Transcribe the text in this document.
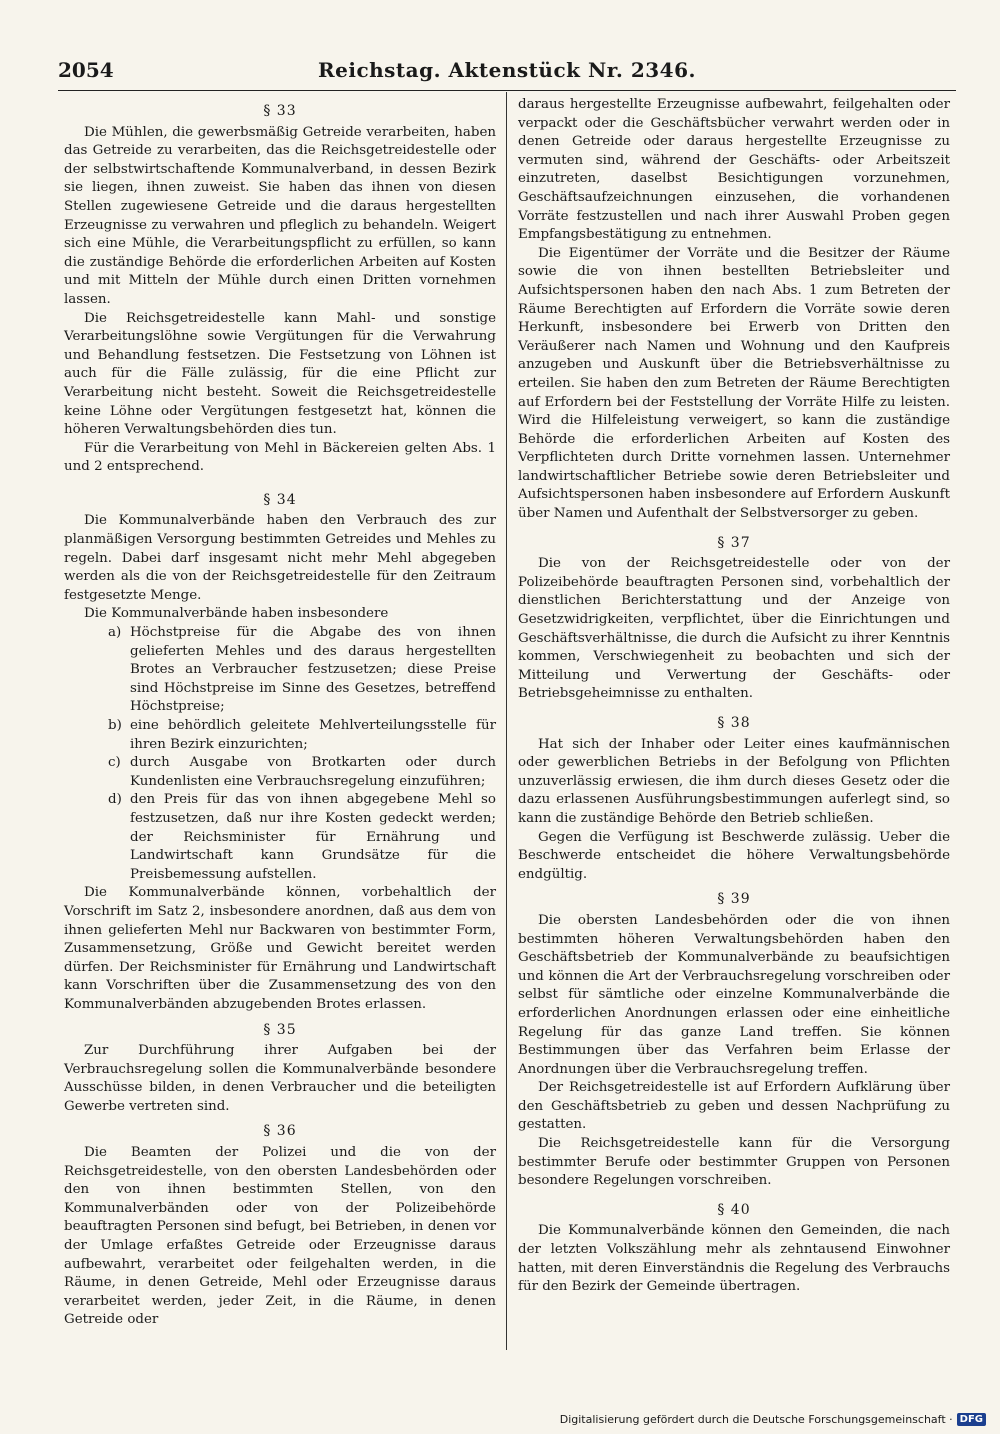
2054	Reichstag. Aktenstück Nr. 2346.
§ 33

Die Mühlen, die gewerbsmäßig Getreide verarbeiten, haben das Getreide zu verarbeiten, das die Reichsgetreidestelle oder der selbstwirtschaftende Kommunalverband, in dessen Bezirk sie liegen, ihnen zuweist. Sie haben das ihnen von diesen Stellen zugewiesene Getreide und die daraus hergestellten Erzeugnisse zu verwahren und pfleglich zu behandeln. Weigert sich eine Mühle, die Verarbeitungspflicht zu erfüllen, so kann die zuständige Behörde die erforderlichen Arbeiten auf Kosten und mit Mitteln der Mühle durch einen Dritten vornehmen lassen.

Die Reichsgetreidestelle kann Mahl- und sonstige Verarbeitungslöhne sowie Vergütungen für die Verwahrung und Behandlung festsetzen. Die Festsetzung von Löhnen ist auch für die Fälle zulässig, für die eine Pflicht zur Verarbeitung nicht besteht. Soweit die Reichsgetreidestelle keine Löhne oder Vergütungen festgesetzt hat, können die höheren Verwaltungsbehörden dies tun.

Für die Verarbeitung von Mehl in Bäckereien gelten Abs. 1 und 2 entsprechend.

§ 34

Die Kommunalverbände haben den Verbrauch des zur planmäßigen Versorgung bestimmten Getreides und Mehles zu regeln. Dabei darf insgesamt nicht mehr Mehl abgegeben werden als die von der Reichsgetreidestelle für den Zeitraum festgesetzte Menge.

Die Kommunalverbände haben insbesondere

a) Höchstpreise für die Abgabe des von ihnen gelieferten Mehles und des daraus hergestellten Brotes an Verbraucher festzusetzen; diese Preise sind Höchstpreise im Sinne des Gesetzes, betreffend Höchstpreise;
b) eine behördlich geleitete Mehlverteilungsstelle für ihren Bezirk einzurichten;
c) durch Ausgabe von Brotkarten oder durch Kundenlisten eine Verbrauchsregelung einzuführen;
d) den Preis für das von ihnen abgegebene Mehl so festzusetzen, daß nur ihre Kosten gedeckt werden; der Reichsminister für Ernährung und Landwirtschaft kann Grundsätze für die Preisbemessung aufstellen.

Die Kommunalverbände können, vorbehaltlich der Vorschrift im Satz 2, insbesondere anordnen, daß aus dem von ihnen gelieferten Mehl nur Backwaren von bestimmter Form, Zusammensetzung, Größe und Gewicht bereitet werden dürfen. Der Reichsminister für Ernährung und Landwirtschaft kann Vorschriften über die Zusammensetzung des von den Kommunalverbänden abzugebenden Brotes erlassen.

§ 35

Zur Durchführung ihrer Aufgaben bei der Verbrauchsregelung sollen die Kommunalverbände besondere Ausschüsse bilden, in denen Verbraucher und die beteiligten Gewerbe vertreten sind.

§ 36

Die Beamten der Polizei und die von der Reichsgetreidestelle, von den obersten Landesbehörden oder den von ihnen bestimmten Stellen, von den Kommunalverbänden oder von der Polizeibehörde beauftragten Personen sind befugt, bei Betrieben, in denen vor der Umlage erfaßtes Getreide oder Erzeugnisse daraus aufbewahrt, verarbeitet oder feilgehalten werden, in die Räume, in denen Getreide, Mehl oder Erzeugnisse daraus verarbeitet werden, jeder Zeit, in die Räume, in denen Getreide oder

daraus hergestellte Erzeugnisse aufbewahrt, feilgehalten oder verpackt oder die Geschäftsbücher verwahrt werden oder in denen Getreide oder daraus hergestellte Erzeugnisse zu vermuten sind, während der Geschäfts- oder Arbeitszeit einzutreten, daselbst Besichtigungen vorzunehmen, Geschäftsaufzeichnungen einzusehen, die vorhandenen Vorräte festzustellen und nach ihrer Auswahl Proben gegen Empfangsbestätigung zu entnehmen.

Die Eigentümer der Vorräte und die Besitzer der Räume sowie die von ihnen bestellten Betriebsleiter und Aufsichtspersonen haben den nach Abs. 1 zum Betreten der Räume Berechtigten auf Erfordern die Vorräte sowie deren Herkunft, insbesondere bei Erwerb von Dritten den Veräußerer nach Namen und Wohnung und den Kaufpreis anzugeben und Auskunft über die Betriebsverhältnisse zu erteilen. Sie haben den zum Betreten der Räume Berechtigten auf Erfordern bei der Feststellung der Vorräte Hilfe zu leisten. Wird die Hilfeleistung verweigert, so kann die zuständige Behörde die erforderlichen Arbeiten auf Kosten des Verpflichteten durch Dritte vornehmen lassen. Unternehmer landwirtschaftlicher Betriebe sowie deren Betriebsleiter und Aufsichtspersonen haben insbesondere auf Erfordern Auskunft über Namen und Aufenthalt der Selbstversorger zu geben.

§ 37

Die von der Reichsgetreidestelle oder von der Polizeibehörde beauftragten Personen sind, vorbehaltlich der dienstlichen Berichterstattung und der Anzeige von Gesetzwidrigkeiten, verpflichtet, über die Einrichtungen und Geschäftsverhältnisse, die durch die Aufsicht zu ihrer Kenntnis kommen, Verschwiegenheit zu beobachten und sich der Mitteilung und Verwertung der Geschäfts- oder Betriebsgeheimnisse zu enthalten.

§ 38

Hat sich der Inhaber oder Leiter eines kaufmännischen oder gewerblichen Betriebs in der Befolgung von Pflichten unzuverlässig erwiesen, die ihm durch dieses Gesetz oder die dazu erlassenen Ausführungsbestimmungen auferlegt sind, so kann die zuständige Behörde den Betrieb schließen.

Gegen die Verfügung ist Beschwerde zulässig. Ueber die Beschwerde entscheidet die höhere Verwaltungsbehörde endgültig.

§ 39

Die obersten Landesbehörden oder die von ihnen bestimmten höheren Verwaltungsbehörden haben den Geschäftsbetrieb der Kommunalverbände zu beaufsichtigen und können die Art der Verbrauchsregelung vorschreiben oder selbst für sämtliche oder einzelne Kommunalverbände die erforderlichen Anordnungen erlassen oder eine einheitliche Regelung für das ganze Land treffen. Sie können Bestimmungen über das Verfahren beim Erlasse der Anordnungen über die Verbrauchsregelung treffen.

Der Reichsgetreidestelle ist auf Erfordern Aufklärung über den Geschäftsbetrieb zu geben und dessen Nachprüfung zu gestatten.

Die Reichsgetreidestelle kann für die Versorgung bestimmter Berufe oder bestimmter Gruppen von Personen besondere Regelungen vorschreiben.

§ 40

Die Kommunalverbände können den Gemeinden, die nach der letzten Volkszählung mehr als zehntausend Einwohner hatten, mit deren Einverständnis die Regelung des Verbrauchs für den Bezirk der Gemeinde übertragen.

Digitalisierung gefördert durch die Deutsche Forschungsgemeinschaft · DFG
